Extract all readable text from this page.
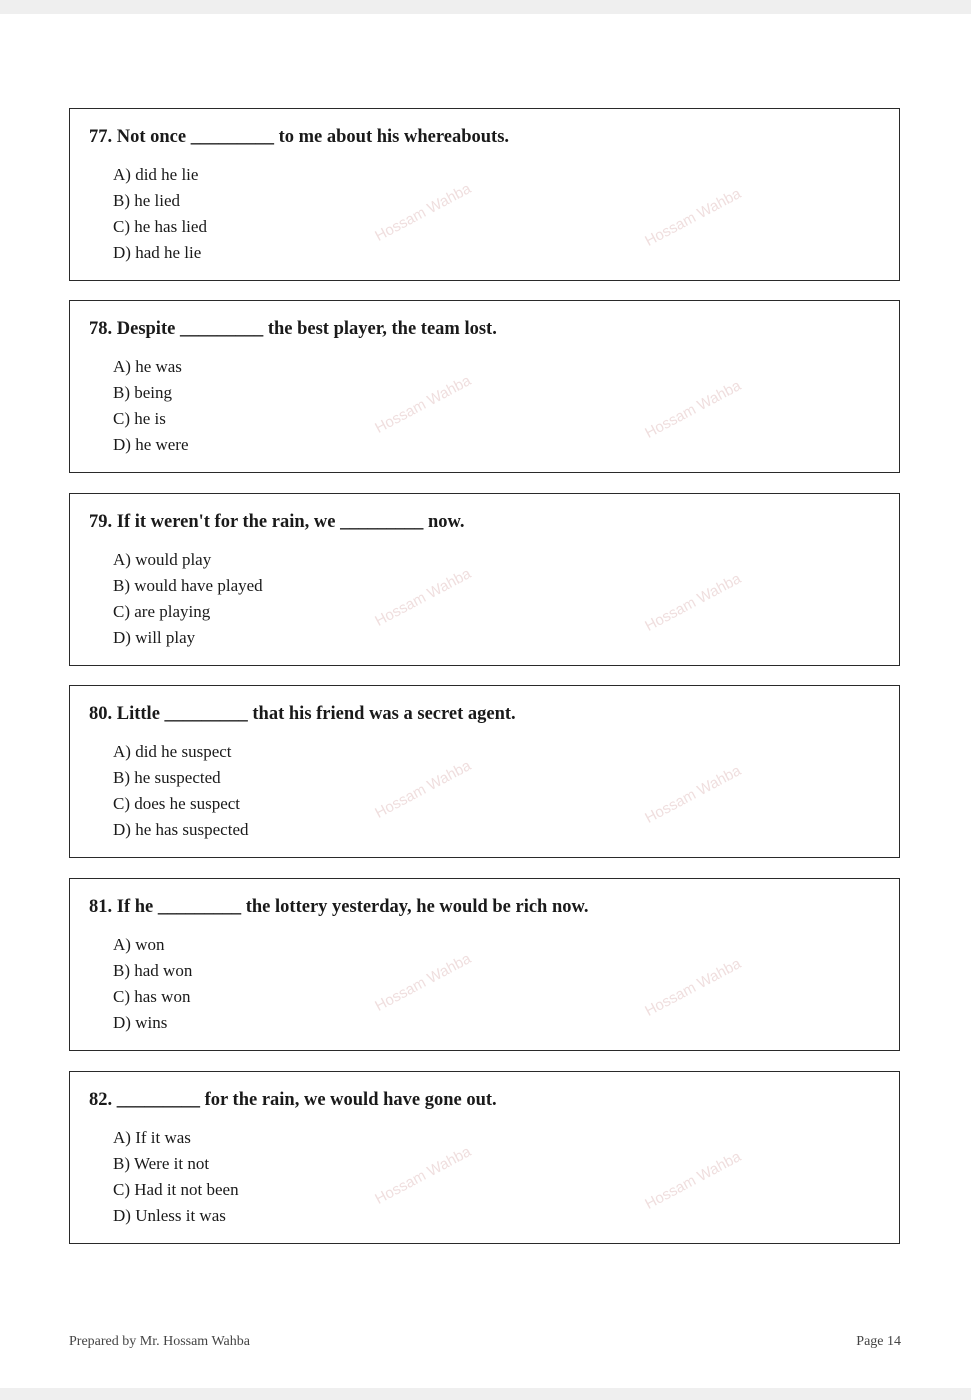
77. Not once _________ to me about his whereabouts.
A) did he lie
B) he lied
C) he has lied
D) had he lie
Hossam Wahba	Hossam Wahba
78. Despite _________ the best player, the team lost.
A) he was
B) being
C) he is
D) he were
Hossam Wahba	Hossam Wahba
79. If it weren't for the rain, we _________ now.
A) would play
B) would have played
C) are playing
D) will play
Hossam Wahba	Hossam Wahba
80. Little _________ that his friend was a secret agent.
A) did he suspect
B) he suspected
C) does he suspect
D) he has suspected
Hossam Wahba	Hossam Wahba
81. If he _________ the lottery yesterday, he would be rich now.
A) won
B) had won
C) has won
D) wins
Hossam Wahba	Hossam Wahba
82. _________ for the rain, we would have gone out.
A) If it was
B) Were it not
C) Had it not been
D) Unless it was
Hossam Wahba	Hossam Wahba
Prepared by Mr. Hossam Wahba	Page 14
